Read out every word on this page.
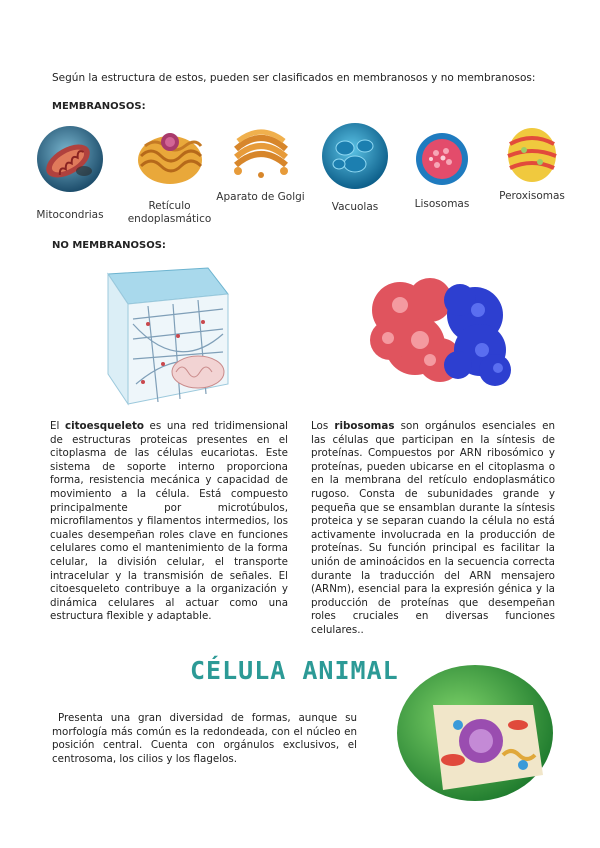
Según la estructura de estos, pueden ser clasificados en membranosos y no membranosos:
MEMBRANOSOS:
Mitocondrias
Retículo endoplasmático
Aparato de Golgi
Vacuolas	Lisosomas
Peroxisomas
NO MEMBRANOSOS:
El citoesqueleto es una red tridimensional de estructuras proteicas presentes en el citoplasma de las células eucariotas. Este sistema de soporte interno proporciona forma, resistencia mecánica y capacidad de movimiento a la célula. Está compuesto principalmente por microtúbulos, microfilamentos y filamentos intermedios, los cuales desempeñan roles clave en funciones celulares como el mantenimiento de la forma celular, la división celular, el transporte intracelular y la transmisión de señales. El citoesqueleto contribuye a la organización y dinámica celulares al actuar como una estructura flexible y adaptable.
Los ribosomas son orgánulos esenciales en las células que participan en la síntesis de proteínas. Compuestos por ARN ribosómico y proteínas, pueden ubicarse en el citoplasma o en la membrana del retículo endoplasmático rugoso. Consta de subunidades grande y pequeña que se ensamblan durante la síntesis proteica y se separan cuando la célula no está activamente involucrada en la producción de proteínas. Su función principal es facilitar la unión de aminoácidos en la secuencia correcta durante la traducción del ARN mensajero (ARNm), esencial para la expresión génica y la producción de proteínas que desempeñan roles cruciales en diversas funciones celulares..
CÉLULA ANIMAL
Presenta una gran diversidad de formas, aunque su morfología más común es la redondeada, con el núcleo en posición central. Cuenta con orgánulos exclusivos, el centrosoma, los cilios y los flagelos.
